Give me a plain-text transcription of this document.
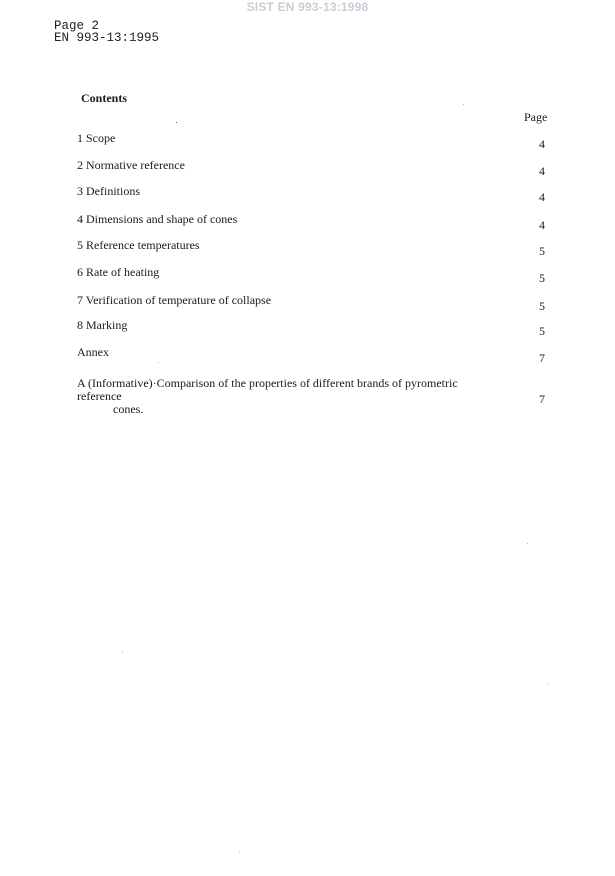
SIST EN 993-13:1998
Page 2
EN 993-13:1995
Contents
Page
1 Scope	4
2 Normative reference	4
3 Definitions	4
4 Dimensions and shape of cones	4
5 Reference temperatures	5
6 Rate of heating	5
7 Verification of temperature of collapse	5
8 Marking	5
Annex	7
A (Informative)·Comparison of the properties of different brands of pyrometric reference
cones.
7
